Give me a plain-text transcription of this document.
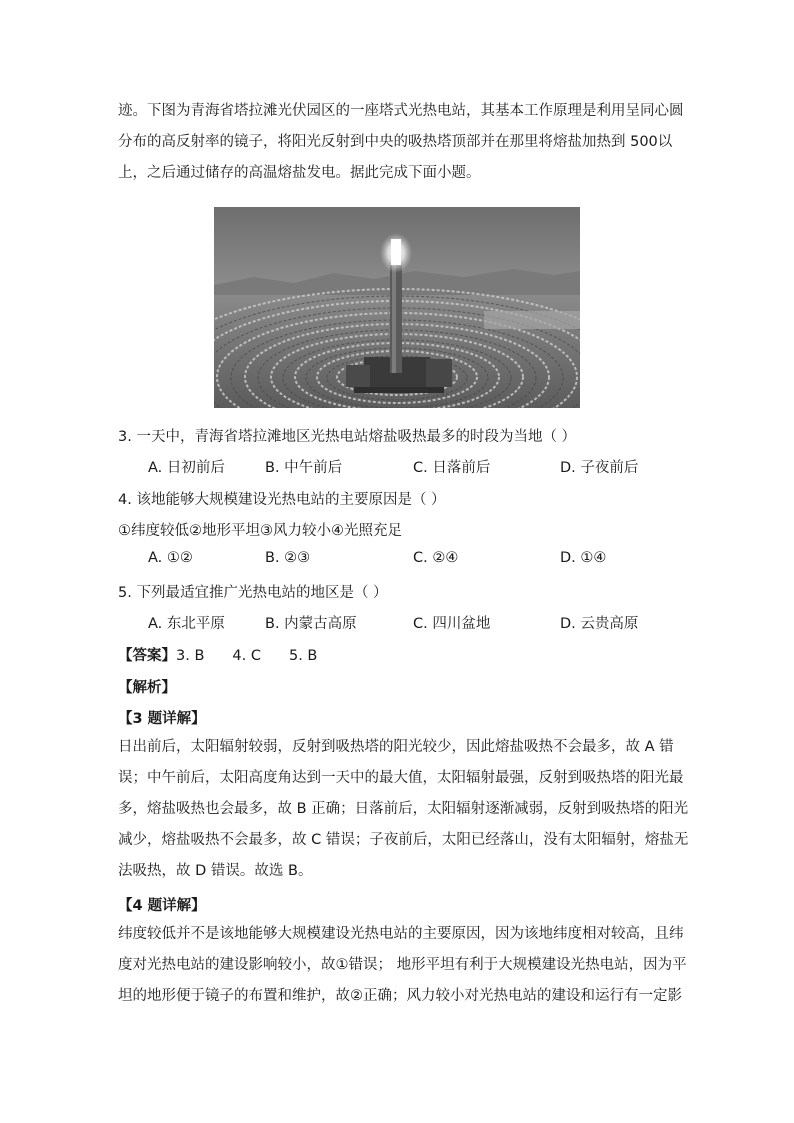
迹。下图为青海省塔拉滩光伏园区的一座塔式光热电站，其基本工作原理是利用呈同心圆
分布的高反射率的镜子，将阳光反射到中央的吸热塔顶部并在那里将熔盐加热到 500以
上，之后通过储存的高温熔盐发电。据此完成下面小题。
3. 一天中，青海省塔拉滩地区光热电站熔盐吸热最多的时段为当地（ ）
A. 日初前后	B. 中午前后	C. 日落前后	D. 子夜前后
4. 该地能够大规模建设光热电站的主要原因是（ ）
①纬度较低②地形平坦③风力较小④光照充足
A. ①②	B. ②③	C. ②④	D. ①④
5. 下列最适宜推广光热电站的地区是（ ）
A. 东北平原	B. 内蒙古高原	C. 四川盆地	D. 云贵高原
【答案】3. B 4. C 5. B
【解析】
【3 题详解】
日出前后，太阳辐射较弱，反射到吸热塔的阳光较少，因此熔盐吸热不会最多，故 A 错
误；中午前后，太阳高度角达到一天中的最大值，太阳辐射最强，反射到吸热塔的阳光最
多，熔盐吸热也会最多，故 B 正确；日落前后，太阳辐射逐渐减弱，反射到吸热塔的阳光
减少，熔盐吸热不会最多，故 C 错误；子夜前后，太阳已经落山，没有太阳辐射，熔盐无
法吸热，故 D 错误。故选 B。
【4 题详解】
纬度较低并不是该地能够大规模建设光热电站的主要原因，因为该地纬度相对较高，且纬
度对光热电站的建设影响较小，故①错误； 地形平坦有利于大规模建设光热电站，因为平
坦的地形便于镜子的布置和维护，故②正确；风力较小对光热电站的建设和运行有一定影
